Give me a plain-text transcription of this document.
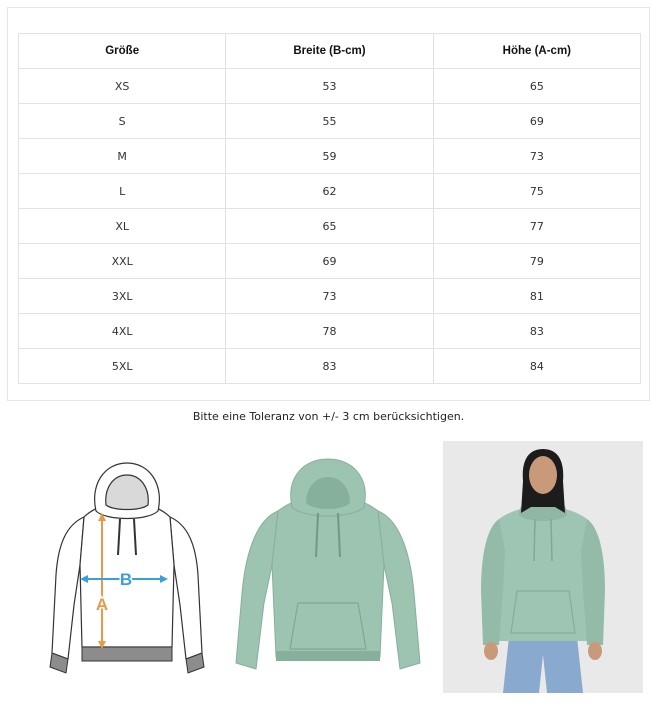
Größe	Breite (B-cm)	Höhe (A-cm)
XS	53	65
S	55	69
M	59	73
L	62	75
XL	65	77
XXL	69	79
3XL	73	81
4XL	78	83
5XL	83	84
Bitte eine Toleranz von +/- 3 cm berücksichtigen.
A
B
